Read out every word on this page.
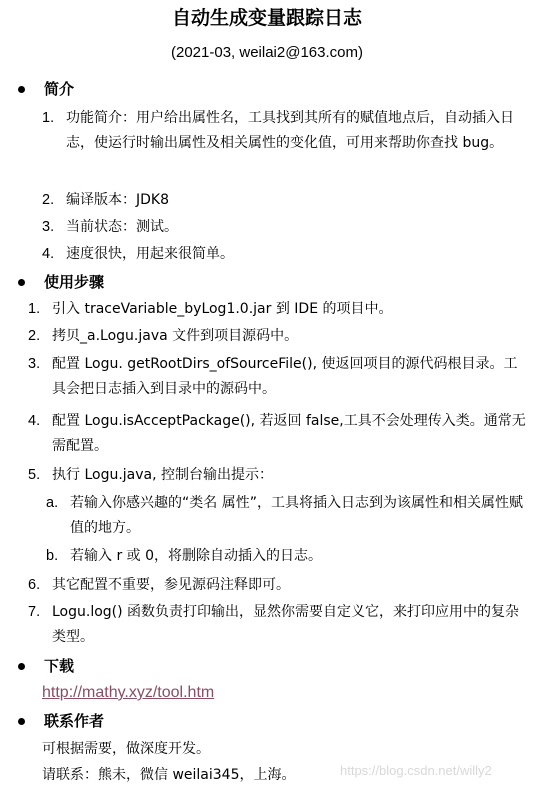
自动生成变量跟踪日志
(2021-03, weilai2@163.com)
简介
1. 功能简介：用户给出属性名，工具找到其所有的赋值地点后，自动插入日志，使运行时输出属性及相关属性的变化值，可用来帮助你查找 bug。
2. 编译版本：JDK8
3. 当前状态：测试。
4. 速度很快，用起来很简单。
使用步骤
1. 引入 traceVariable_byLog1.0.jar 到 IDE 的项目中。
2. 拷贝_a.Logu.java 文件到项目源码中。
3. 配置 Logu. getRootDirs_ofSourceFile(), 使返回项目的源代码根目录。工具会把日志插入到目录中的源码中。
4. 配置 Logu.isAcceptPackage(), 若返回 false,工具不会处理传入类。通常无需配置。
5. 执行 Logu.java, 控制台输出提示：
a. 若输入你感兴趣的“类名 属性”，工具将插入日志到为该属性和相关属性赋值的地方。
b. 若输入 r 或 0，将删除自动插入的日志。
6. 其它配置不重要，参见源码注释即可。
7. Logu.log() 函数负责打印输出，显然你需要自定义它，来打印应用中的复杂类型。
下载
http://mathy.xyz/tool.htm
联系作者
可根据需要，做深度开发。
请联系：熊未，微信 weilai345，上海。	https://blog.csdn.net/willy2
